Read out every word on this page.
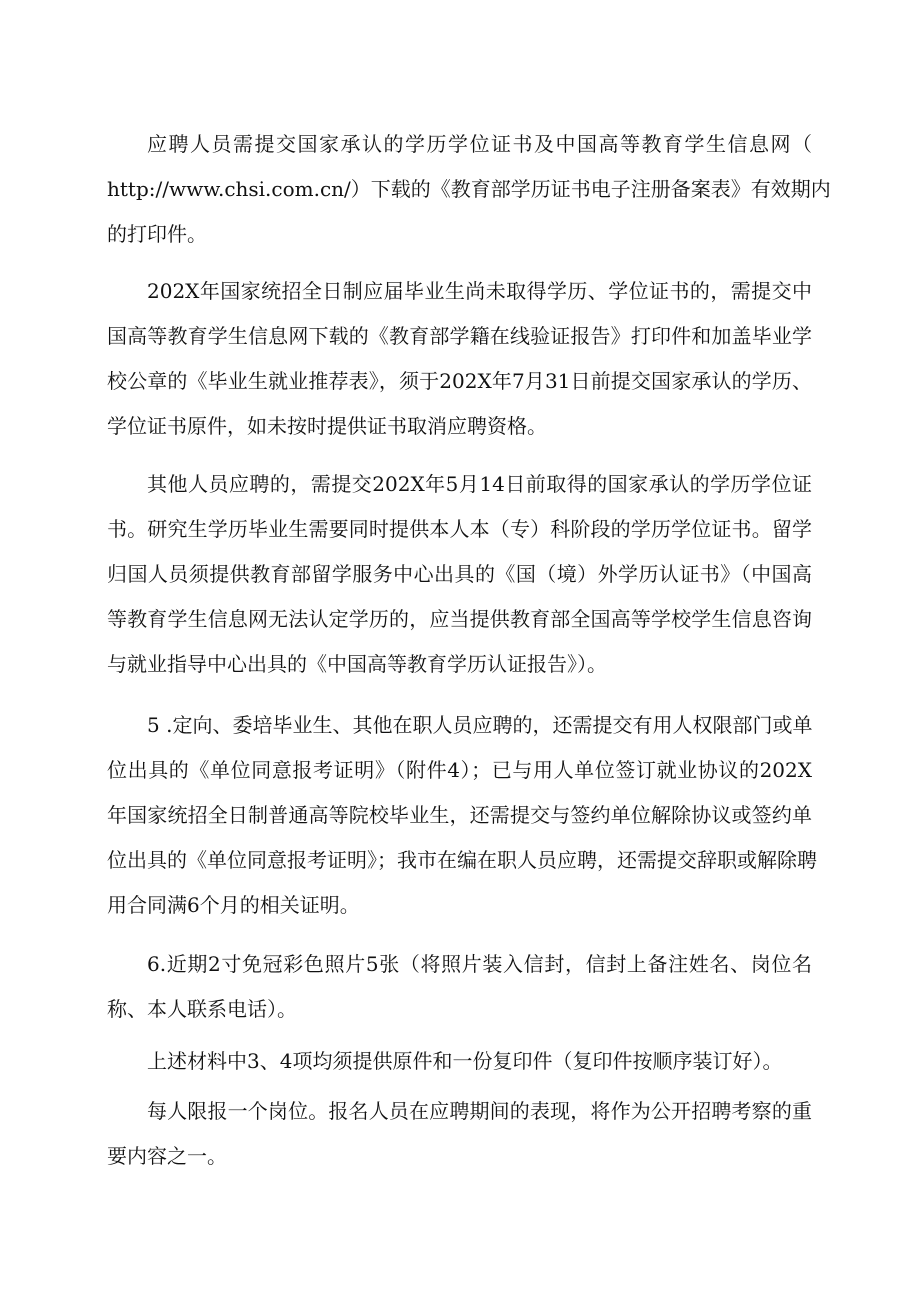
应聘人员需提交国家承认的学历学位证书及中国高等教育学生信息网（
http://www.chsi.com.cn/）下载的《教育部学历证书电子注册备案表》有效期内
的打印件。
202X年国家统招全日制应届毕业生尚未取得学历、学位证书的，需提交中
国高等教育学生信息网下载的《教育部学籍在线验证报告》打印件和加盖毕业学
校公章的《毕业生就业推荐表》，须于202X年7月31日前提交国家承认的学历、
学位证书原件，如未按时提供证书取消应聘资格。
其他人员应聘的，需提交202X年5月14日前取得的国家承认的学历学位证
书。研究生学历毕业生需要同时提供本人本（专）科阶段的学历学位证书。留学
归国人员须提供教育部留学服务中心出具的《国（境）外学历认证书》（中国高
等教育学生信息网无法认定学历的，应当提供教育部全国高等学校学生信息咨询
与就业指导中心出具的《中国高等教育学历认证报告》）。
5 .定向、委培毕业生、其他在职人员应聘的，还需提交有用人权限部门或单
位出具的《单位同意报考证明》（附件4）；已与用人单位签订就业协议的202X
年国家统招全日制普通高等院校毕业生，还需提交与签约单位解除协议或签约单
位出具的《单位同意报考证明》；我市在编在职人员应聘，还需提交辞职或解除聘
用合同满6个月的相关证明。
6.近期2寸免冠彩色照片5张（将照片装入信封，信封上备注姓名、岗位名
称、本人联系电话）。
上述材料中3、4项均须提供原件和一份复印件（复印件按顺序装订好）。
每人限报一个岗位。报名人员在应聘期间的表现，将作为公开招聘考察的重
要内容之一。
